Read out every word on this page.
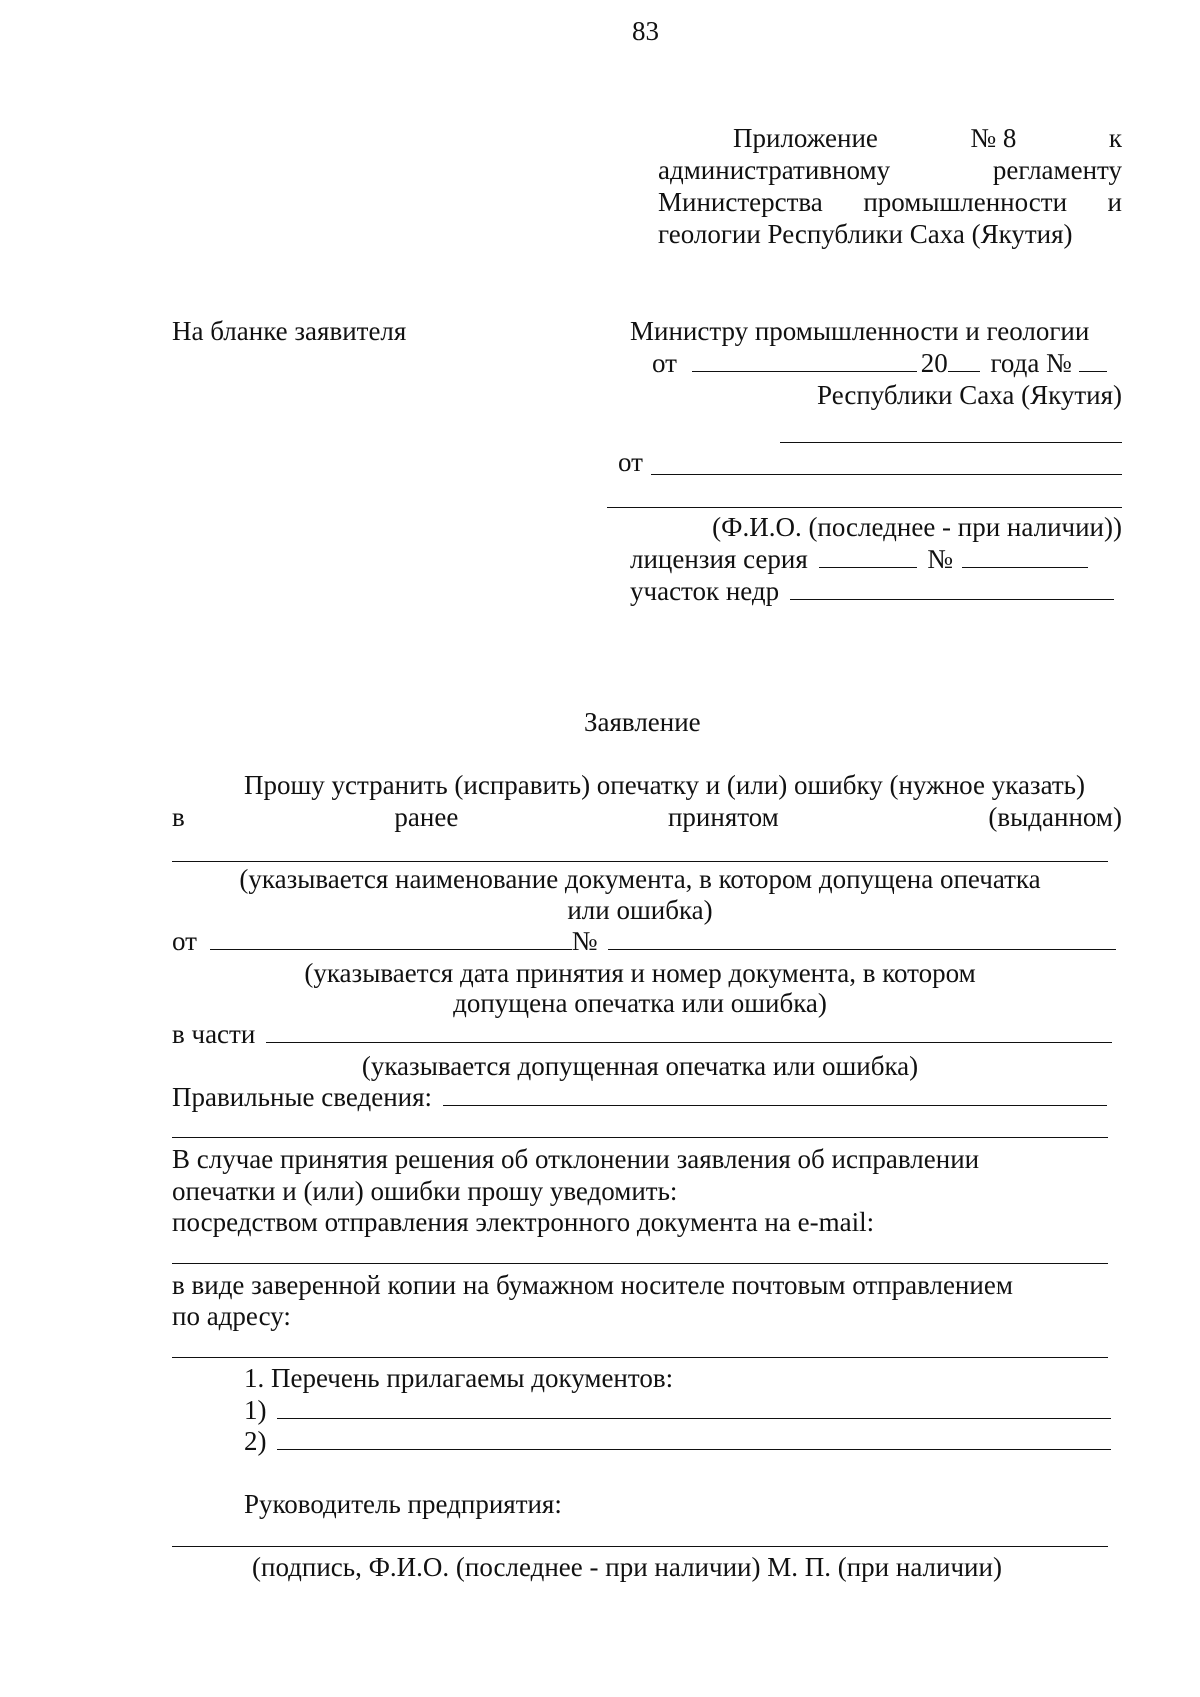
83
Приложение	№ 8	к
административному	регламенту
Министерства промышленности и
геологии Республики Саха (Якутия)
На бланке заявителя	Министру промышленности и геологии
от	20 года №
Республики Саха (Якутия)
от
(Ф.И.О. (последнее - при наличии))
лицензия серия	№
участок недр
Заявление
Прошу устранить (исправить) опечатку и (или) ошибку (нужное указать)
в	ранее	принятом	(выданном)
(указывается наименование документа, в котором допущена опечатка
или ошибка)
от	№
(указывается дата принятия и номер документа, в котором
допущена опечатка или ошибка)
в части
(указывается допущенная опечатка или ошибка)
Правильные сведения:
В случае принятия решения об отклонении заявления об исправлении
опечатки и (или) ошибки прошу уведомить:
посредством отправления электронного документа на e-mail:
в виде заверенной копии на бумажном носителе почтовым отправлением
по адресу:
1. Перечень прилагаемы документов:
1)
2)
Руководитель предприятия:
(подпись, Ф.И.О. (последнее - при наличии) М. П. (при наличии)
